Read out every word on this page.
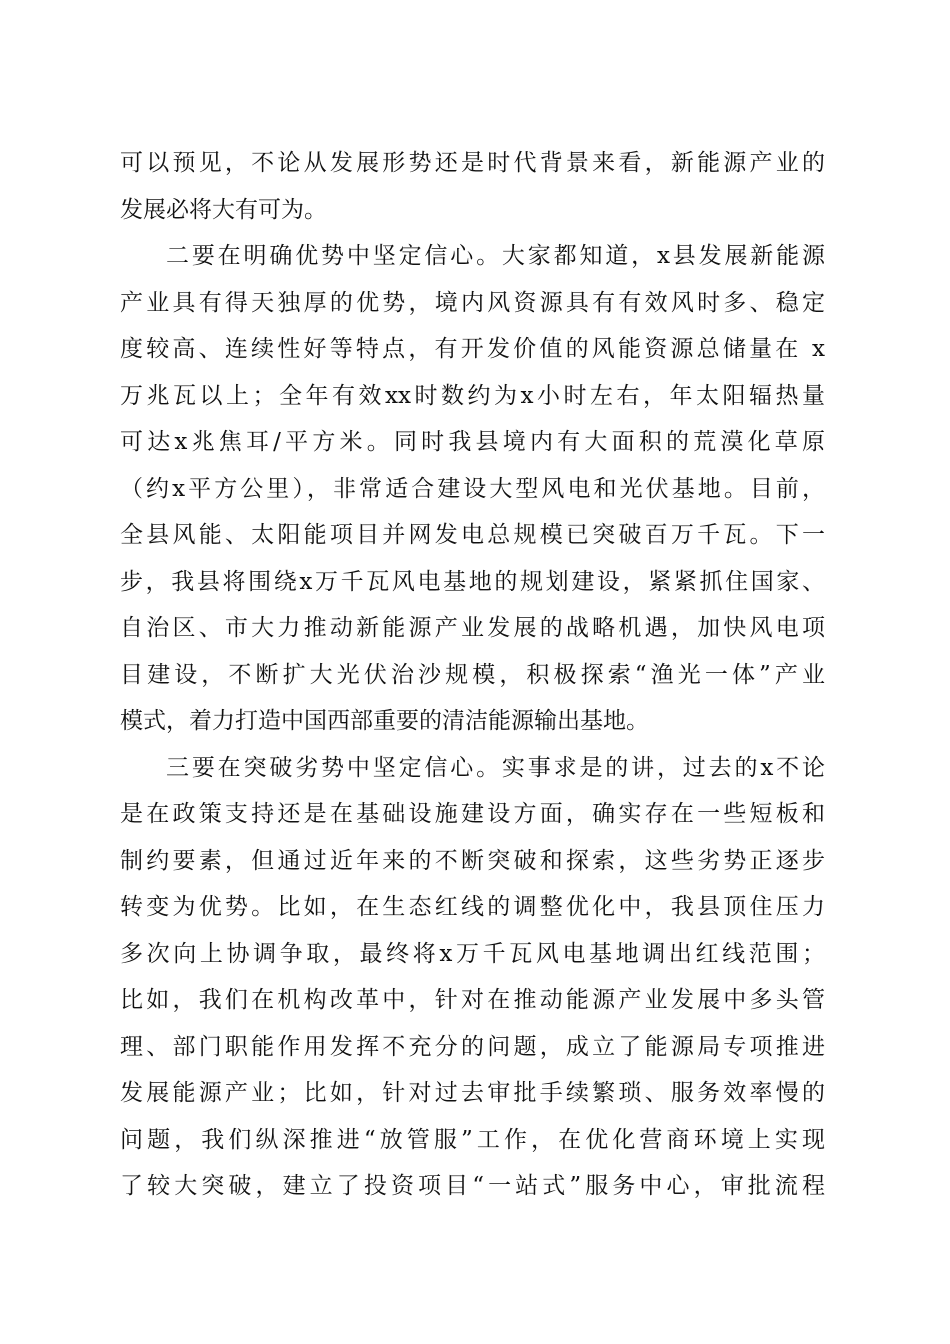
可以预见，不论从发展形势还是时代背景来看，新能源产业的
发展必将大有可为。
二要在明确优势中坚定信心。大家都知道，x县发展新能源
产业具有得天独厚的优势，境内风资源具有有效风时多、稳定
度较高、连续性好等特点，有开发价值的风能资源总储量在 x
万兆瓦以上；全年有效xx时数约为x小时左右，年太阳辐热量
可达x兆焦耳/平方米。同时我县境内有大面积的荒漠化草原
（约x平方公里），非常适合建设大型风电和光伏基地。目前，
全县风能、太阳能项目并网发电总规模已突破百万千瓦。下一
步，我县将围绕x万千瓦风电基地的规划建设，紧紧抓住国家、
自治区、市大力推动新能源产业发展的战略机遇，加快风电项
目建设，不断扩大光伏治沙规模，积极探索“渔光一体”产业
模式，着力打造中国西部重要的清洁能源输出基地。
三要在突破劣势中坚定信心。实事求是的讲，过去的x不论
是在政策支持还是在基础设施建设方面，确实存在一些短板和
制约要素，但通过近年来的不断突破和探索，这些劣势正逐步
转变为优势。比如，在生态红线的调整优化中，我县顶住压力
多次向上协调争取，最终将x万千瓦风电基地调出红线范围；
比如，我们在机构改革中，针对在推动能源产业发展中多头管
理、部门职能作用发挥不充分的问题，成立了能源局专项推进
发展能源产业；比如，针对过去审批手续繁琐、服务效率慢的
问题，我们纵深推进“放管服”工作，在优化营商环境上实现
了较大突破，建立了投资项目“一站式”服务中心，审批流程
